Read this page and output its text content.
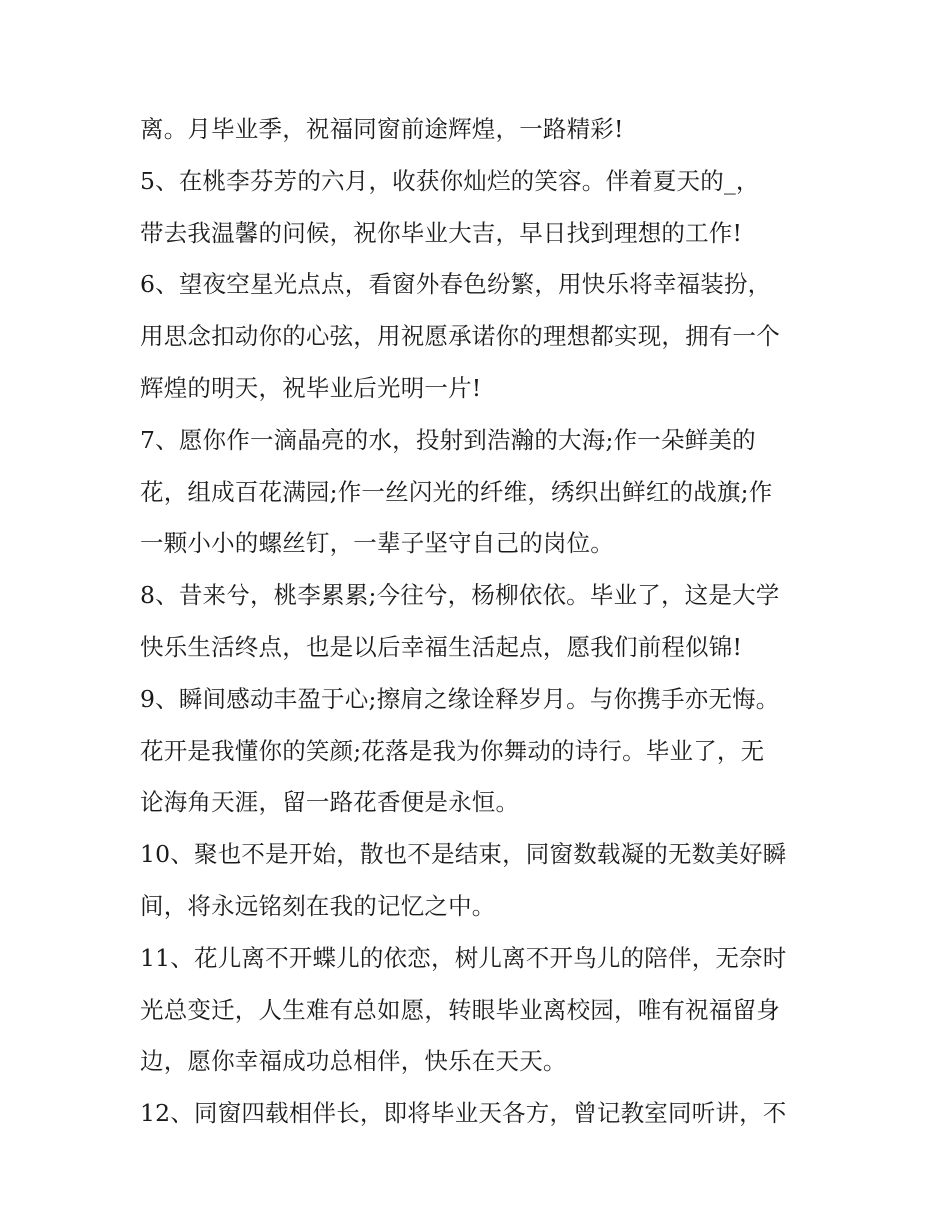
离。月毕业季，祝福同窗前途辉煌，一路精彩!
5、在桃李芬芳的六月，收获你灿烂的笑容。伴着夏天的_，
带去我温馨的问候，祝你毕业大吉，早日找到理想的工作!
6、望夜空星光点点，看窗外春色纷繁，用快乐将幸福装扮，
用思念扣动你的心弦，用祝愿承诺你的理想都实现，拥有一个
辉煌的明天，祝毕业后光明一片!
7、愿你作一滴晶亮的水，投射到浩瀚的大海;作一朵鲜美的
花，组成百花满园;作一丝闪光的纤维，绣织出鲜红的战旗;作
一颗小小的螺丝钉，一辈子坚守自己的岗位。
8、昔来兮，桃李累累;今往兮，杨柳依依。毕业了，这是大学
快乐生活终点，也是以后幸福生活起点，愿我们前程似锦!
9、瞬间感动丰盈于心;擦肩之缘诠释岁月。与你携手亦无悔。
花开是我懂你的笑颜;花落是我为你舞动的诗行。毕业了，无
论海角天涯，留一路花香便是永恒。
10、聚也不是开始，散也不是结束，同窗数载凝的无数美好瞬
间，将永远铭刻在我的记忆之中。
11、花儿离不开蝶儿的依恋，树儿离不开鸟儿的陪伴，无奈时
光总变迁，人生难有总如愿，转眼毕业离校园，唯有祝福留身
边，愿你幸福成功总相伴，快乐在天天。
12、同窗四载相伴长，即将毕业天各方，曾记教室同听讲，不
